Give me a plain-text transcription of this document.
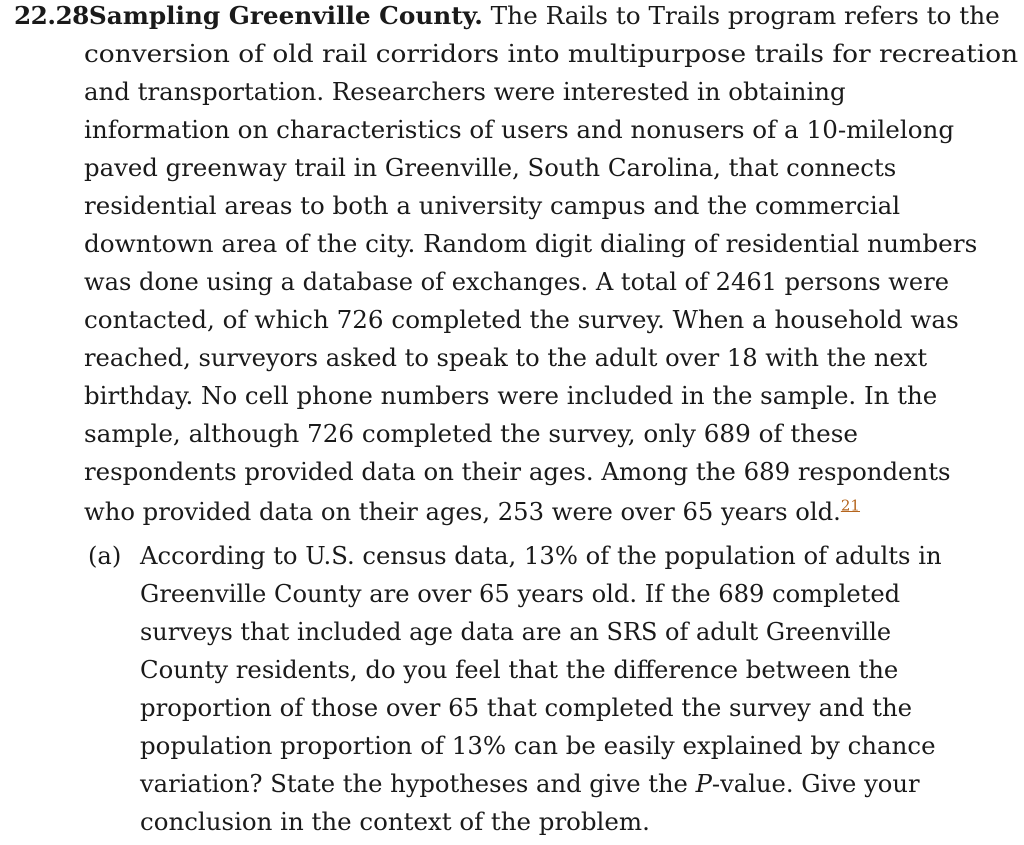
22.28Sampling Greenville County. The Rails to Trails program refers to the
conversion of old rail corridors into multipurpose trails for recreation
and transportation. Researchers were interested in obtaining
information on characteristics of users and nonusers of a 10-milelong
paved greenway trail in Greenville, South Carolina, that connects
residential areas to both a university campus and the commercial
downtown area of the city. Random digit dialing of residential numbers
was done using a database of exchanges. A total of 2461 persons were
contacted, of which 726 completed the survey. When a household was
reached, surveyors asked to speak to the adult over 18 with the next
birthday. No cell phone numbers were included in the sample. In the
sample, although 726 completed the survey, only 689 of these
respondents provided data on their ages. Among the 689 respondents
who provided data on their ages, 253 were over 65 years old.$^{21}$
(a) According to U.S. census data, 13% of the population of adults in
Greenville County are over 65 years old. If the 689 completed
surveys that included age data are an SRS of adult Greenville
County residents, do you feel that the difference between the
proportion of those over 65 that completed the survey and the
population proportion of 13% can be easily explained by chance
variation? State the hypotheses and give the P-value. Give your
conclusion in the context of the problem.
